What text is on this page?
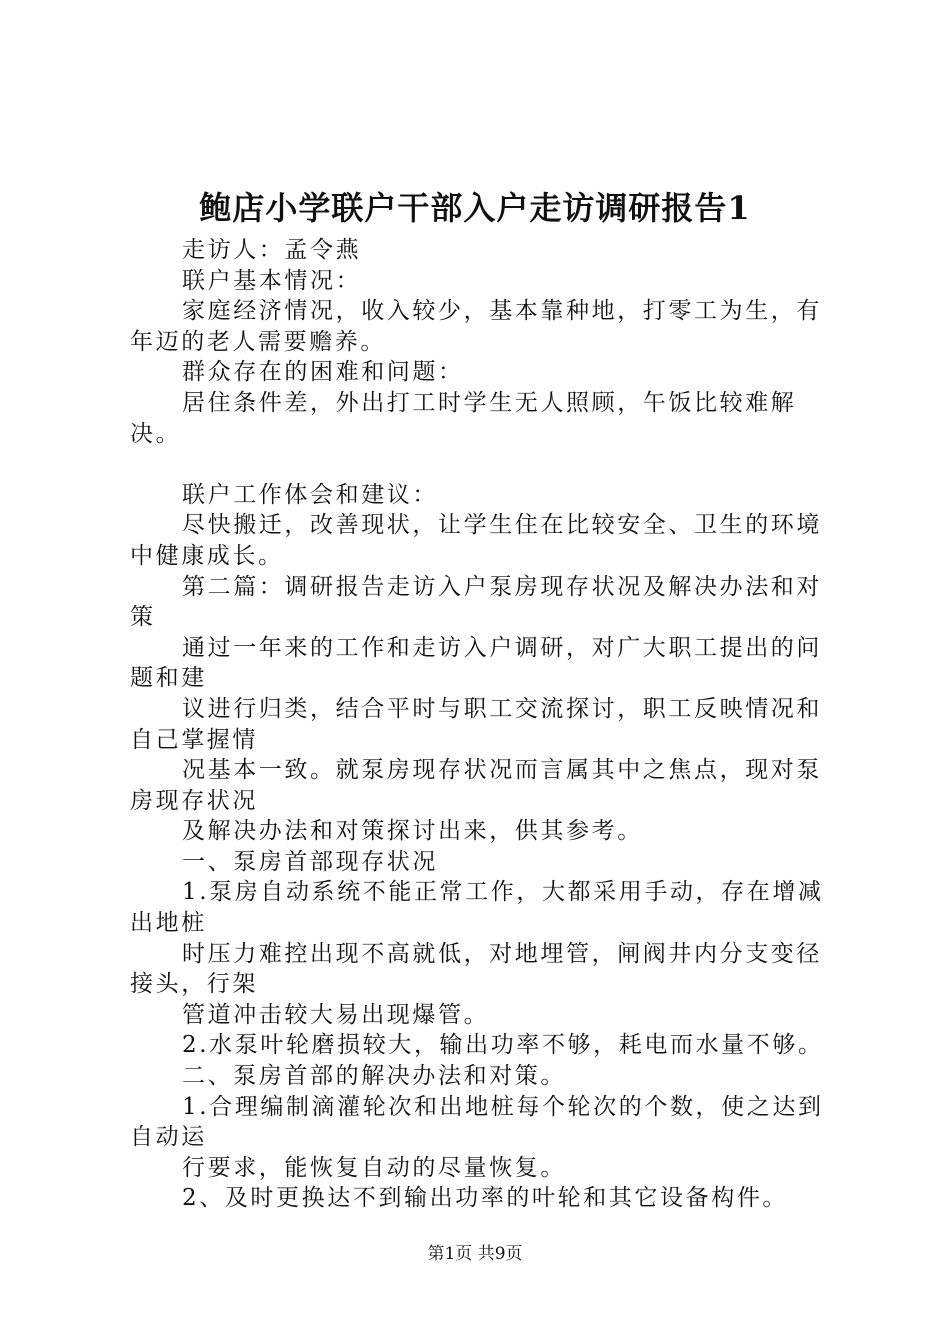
鲍店小学联户干部入户走访调研报告1

走访人：孟令燕

联户基本情况：

家庭经济情况，收入较少，基本靠种地，打零工为生，有年迈的老人需要赡养。

群众存在的困难和问题：

居住条件差，外出打工时学生无人照顾，午饭比较难解决。

联户工作体会和建议：

尽快搬迁，改善现状，让学生住在比较安全、卫生的环境中健康成长。

第二篇：调研报告走访入户泵房现存状况及解决办法和对策

通过一年来的工作和走访入户调研，对广大职工提出的问题和建

议进行归类，结合平时与职工交流探讨，职工反映情况和自己掌握情

况基本一致。就泵房现存状况而言属其中之焦点，现对泵房现存状况

及解决办法和对策探讨出来，供其参考。

一、泵房首部现存状况

1.泵房自动系统不能正常工作，大都采用手动，存在增减出地桩

时压力难控出现不高就低，对地埋管，闸阀井内分支变径接头，行架

管道冲击较大易出现爆管。

2.水泵叶轮磨损较大，输出功率不够，耗电而水量不够。

二、泵房首部的解决办法和对策。

1.合理编制滴灌轮次和出地桩每个轮次的个数，使之达到自动运

行要求，能恢复自动的尽量恢复。

2、及时更换达不到输出功率的叶轮和其它设备构件。

第1页 共9页
